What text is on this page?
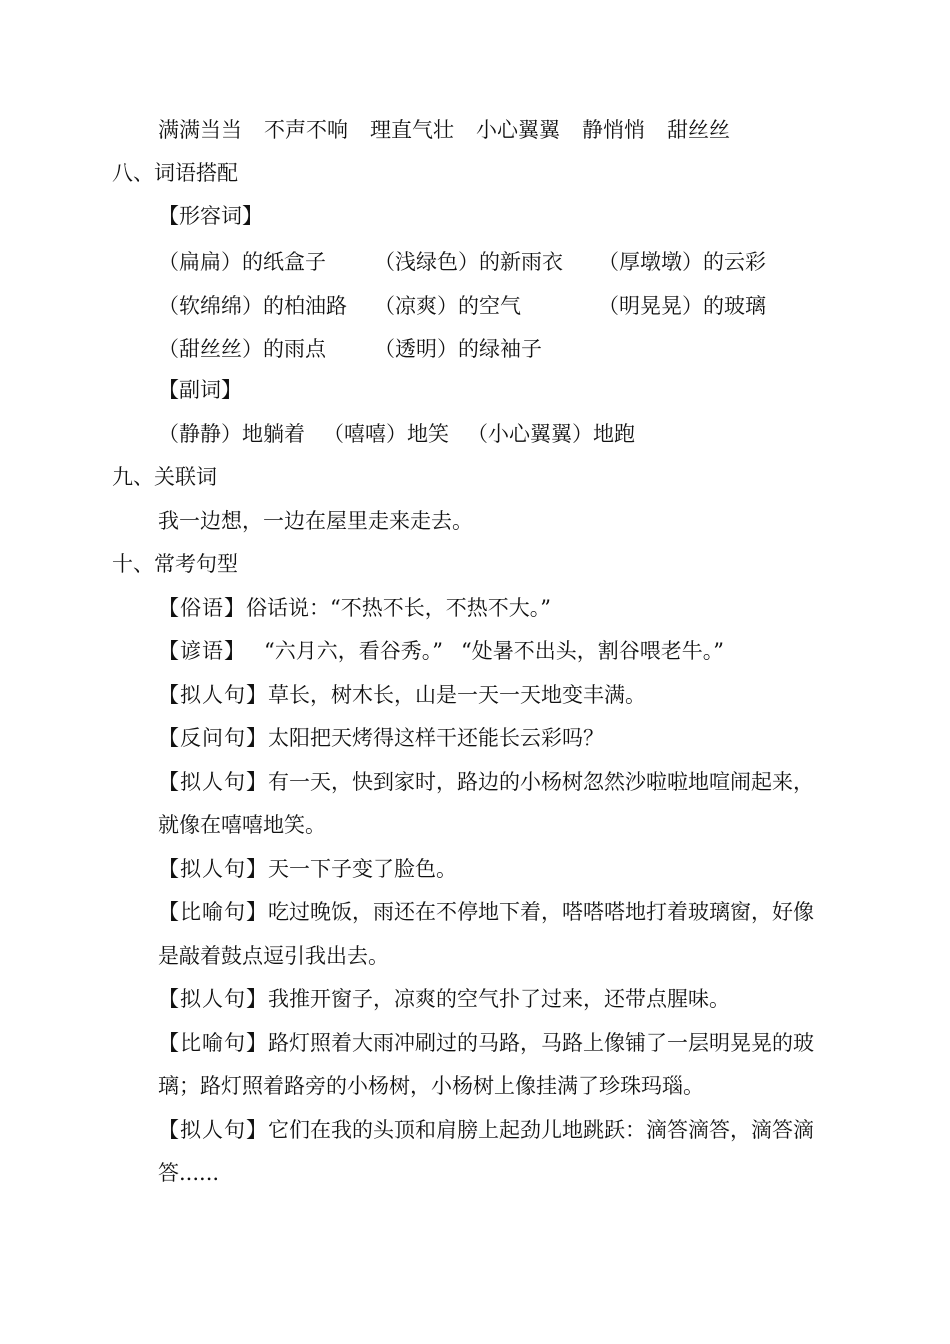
满满当当 不声不响 理直气壮 小心翼翼 静悄悄 甜丝丝
八、词语搭配
【形容词】
（扁扁）的纸盒子 （浅绿色）的新雨衣 （厚墩墩）的云彩
（软绵绵）的柏油路 （凉爽）的空气	（明晃晃）的玻璃
（甜丝丝）的雨点 （透明）的绿袖子
【副词】
（静静）地躺着 （嘻嘻）地笑 （小心翼翼）地跑
九、关联词
我一边想，一边在屋里走来走去。
十、常考句型
【俗语】俗话说：“不热不长，不热不大。”
【谚语】 “六月六，看谷秀。” “处暑不出头，割谷喂老牛。”
【拟人句】草长，树木长，山是一天一天地变丰满。
【反问句】太阳把天烤得这样干还能长云彩吗？
【拟人句】有一天，快到家时，路边的小杨树忽然沙啦啦地喧闹起来，
就像在嘻嘻地笑。
【拟人句】天一下子变了脸色。
【比喻句】吃过晚饭，雨还在不停地下着，嗒嗒嗒地打着玻璃窗，好像
是敲着鼓点逗引我出去。
【拟人句】我推开窗子，凉爽的空气扑了过来，还带点腥味。
【比喻句】路灯照着大雨冲刷过的马路，马路上像铺了一层明晃晃的玻
璃；路灯照着路旁的小杨树，小杨树上像挂满了珍珠玛瑙。
【拟人句】它们在我的头顶和肩膀上起劲儿地跳跃：滴答滴答，滴答滴
答......
